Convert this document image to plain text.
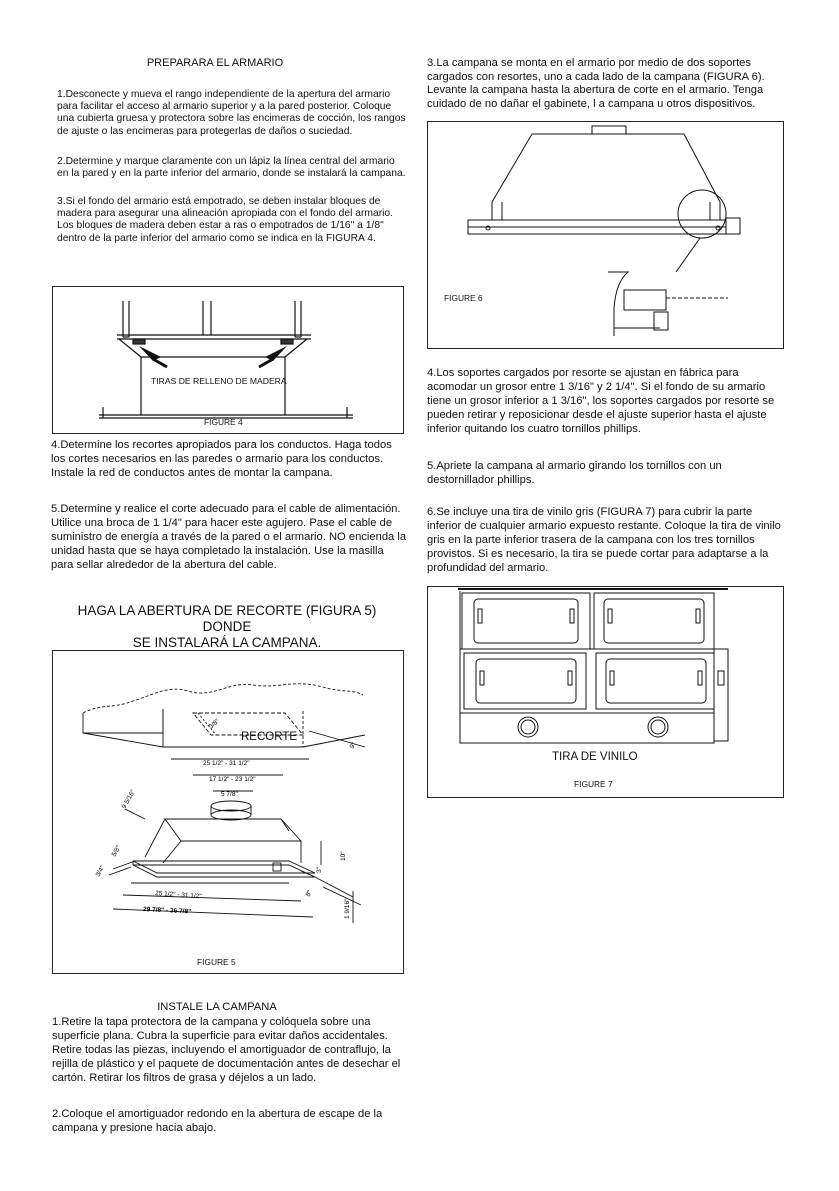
PREPARARA EL ARMARIO
1.Desconecte y mueva el rango independiente de la apertura del armario para facilitar el acceso al armario superior y a la pared posterior. Coloque una cubierta gruesa y protectora sobre las encimeras de cocción, los rangos de ajuste o las encimeras para protegerlas de daños o suciedad.
2.Determine y marque claramente con un lápiz la línea central del armario en la pared y en la parte inferior del armario, donde se instalará la campana.
3.Si el fondo del armario está empotrado, se deben instalar bloques de madera para asegurar una alineación apropiada con el fondo del armario. Los bloques de madera deben estar a ras o empotrados de 1/16" a 1/8" dentro de la parte inferior del armario como se indica en la FIGURA 4.
TIRAS DE RELLENO DE MADERA
FIGURE 4
4.Determine los recortes apropiados para los conductos. Haga todos los cortes necesarios en las paredes o armario para los conductos. Instale la red de conductos antes de montar la campana.
5.Determine y realice el corte adecuado para el cable de alimentación. Utilice una broca de 1 1/4" para hacer este agujero. Pase el cable de suministro de energía a través de la pared o el armario. NO encienda la unidad hasta que se haya completado la instalación. Use la masilla para sellar alrededor de la abertura del cable.
HAGA LA ABERTURA DE RECORTE (FIGURA 5) DONDE
SE INSTALARÁ LA CAMPANA.
3/8"
25 1/2" - 31 1/2"
17 1/2" - 23 1/2"
5 7/8"
9 5/16"
5/8"
3/4"
25 1/2" - 31 1/2"
29 7/8" - 36 7/8"
10"
3"
8"
1 9/16"
9"
RECORTE
FIGURE 5
INSTALE LA CAMPANA
1.Retire la tapa protectora de la campana y colóquela sobre una superficie plana. Cubra la superficie para evitar daños accidentales. Retire todas las piezas, incluyendo el amortiguador de contraflujo, la rejilla de plástico y el paquete de documentación antes de desechar el cartón. Retirar los filtros de grasa y déjelos a un lado.
2.Coloque el amortiguador redondo en la abertura de escape de la campana y presione hacia abajo.
3.La campana se monta en el armario por medio de dos soportes cargados con resortes, uno a cada lado de la campana (FIGURA 6). Levante la campana hasta la abertura de corte en el armario. Tenga cuidado de no dañar el gabinete, l a campana u otros dispositivos.
FIGURE 6
4.Los soportes cargados por resorte se ajustan en fábrica para acomodar un grosor entre 1 3/16" y 2 1/4". Si el fondo de su armario tiene un grosor inferior a 1 3/16", los soportes cargados por resorte se pueden retirar y reposicionar desde el ajuste superior hasta el ajuste inferior quitando los cuatro tornillos phillips.
5.Apriete la campana al armario girando los tornillos con un destornillador phillips.
6.Se incluye una tira de vinilo gris (FIGURA 7) para cubrir la parte inferior de cualquier armario expuesto restante. Coloque la tira de vinilo gris en la parte inferior trasera de la campana con los tres tornillos provistos. Si es necesario, la tira se puede cortar para adaptarse a la profundidad del armario.
TIRA DE VINILO
FIGURE 7
